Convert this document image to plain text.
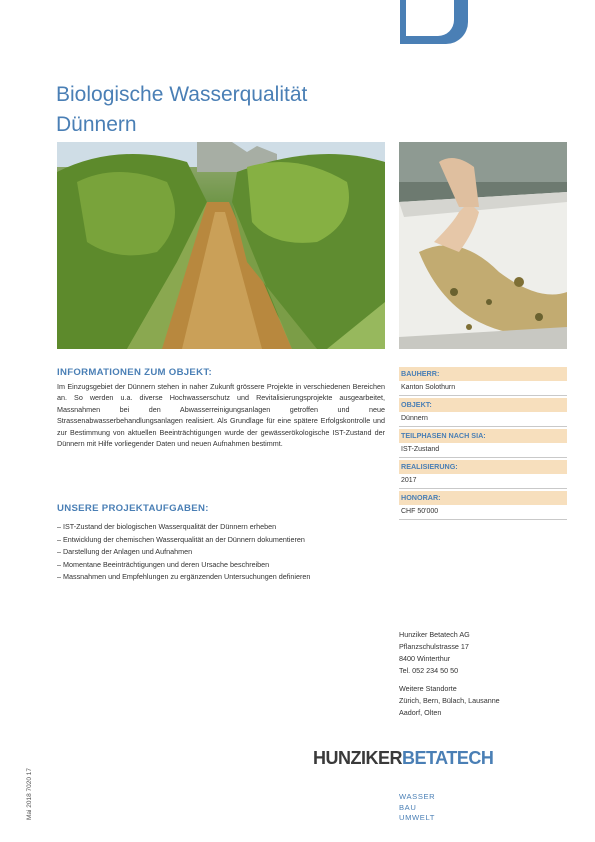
Biologische Wasserqualität
Dünnern
INFORMATIONEN ZUM OBJEKT:

Im Einzugsgebiet der Dünnern stehen in naher Zukunft grössere Projekte in verschiedenen Bereichen an. So werden u.a. diverse Hochwasserschutz und Revitalisierungsprojekte ausgearbeitet, Massnahmen bei den Abwasserreinigungsanlagen getroffen und neue Strassenabwasserbehandlungsanlagen realisiert. Als Grundlage für eine spätere Erfolgskontrolle und zur Bestimmung von aktuellen Beeinträchtigungen wurde der gewässerökologische IST-Zustand der Dünnern mit Hilfe vorliegender Daten und neuen Aufnahmen bestimmt.

UNSERE PROJEKTAUFGABEN:
– IST-Zustand der biologischen Wasserqualität der Dünnern erheben
– Entwicklung der chemischen Wasserqualität an der Dünnern dokumentieren
– Darstellung der Anlagen und Aufnahmen
– Momentane Beeinträchtigungen und deren Ursache beschreiben
– Massnahmen und Empfehlungen zu ergänzenden Untersuchungen definieren
BAUHERR:
Kanton Solothurn
OBJEKT:
Dünnern
TEILPHASEN NACH SIA:
IST-Zustand
REALISIERUNG:
2017
HONORAR:
CHF 50'000
Hunziker Betatech AG
Pflanzschulstrasse 17
8400 Winterthur
Tel. 052 234 50 50
Weitere Standorte
Zürich, Bern, Bülach, Lausanne
Aadorf, Olten
HUNZIKERBETATECH
WASSER
BAU
UMWELT
Mai 2018 7020 17
